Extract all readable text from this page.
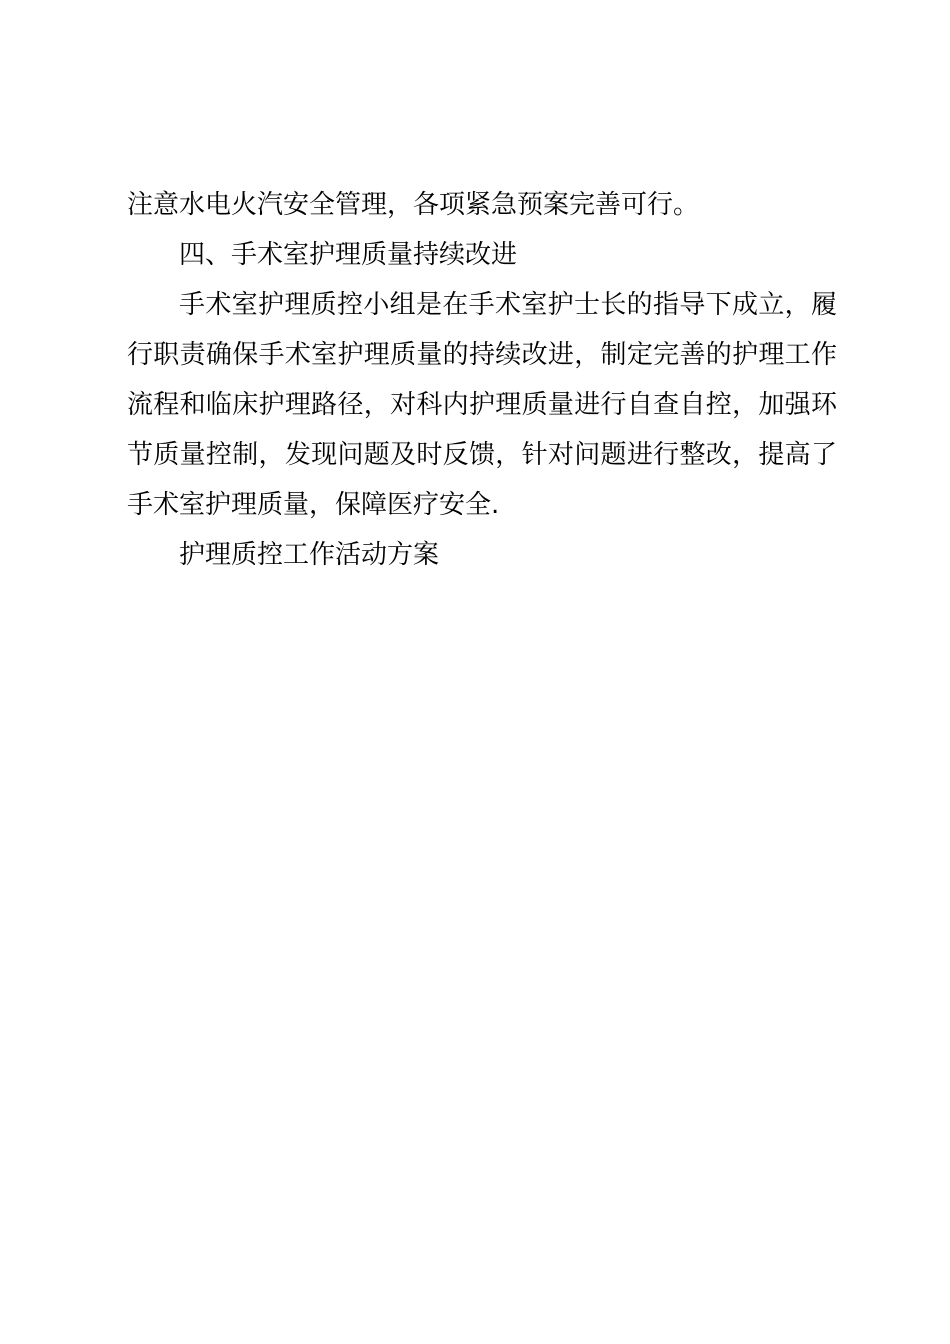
注意水电火汽安全管理，各项紧急预案完善可行。

四、手术室护理质量持续改进

手术室护理质控小组是在手术室护士长的指导下成立，履行职责确保手术室护理质量的持续改进，制定完善的护理工作流程和临床护理路径，对科内护理质量进行自查自控，加强环节质量控制，发现问题及时反馈，针对问题进行整改，提高了手术室护理质量，保障医疗安全.

护理质控工作活动方案
